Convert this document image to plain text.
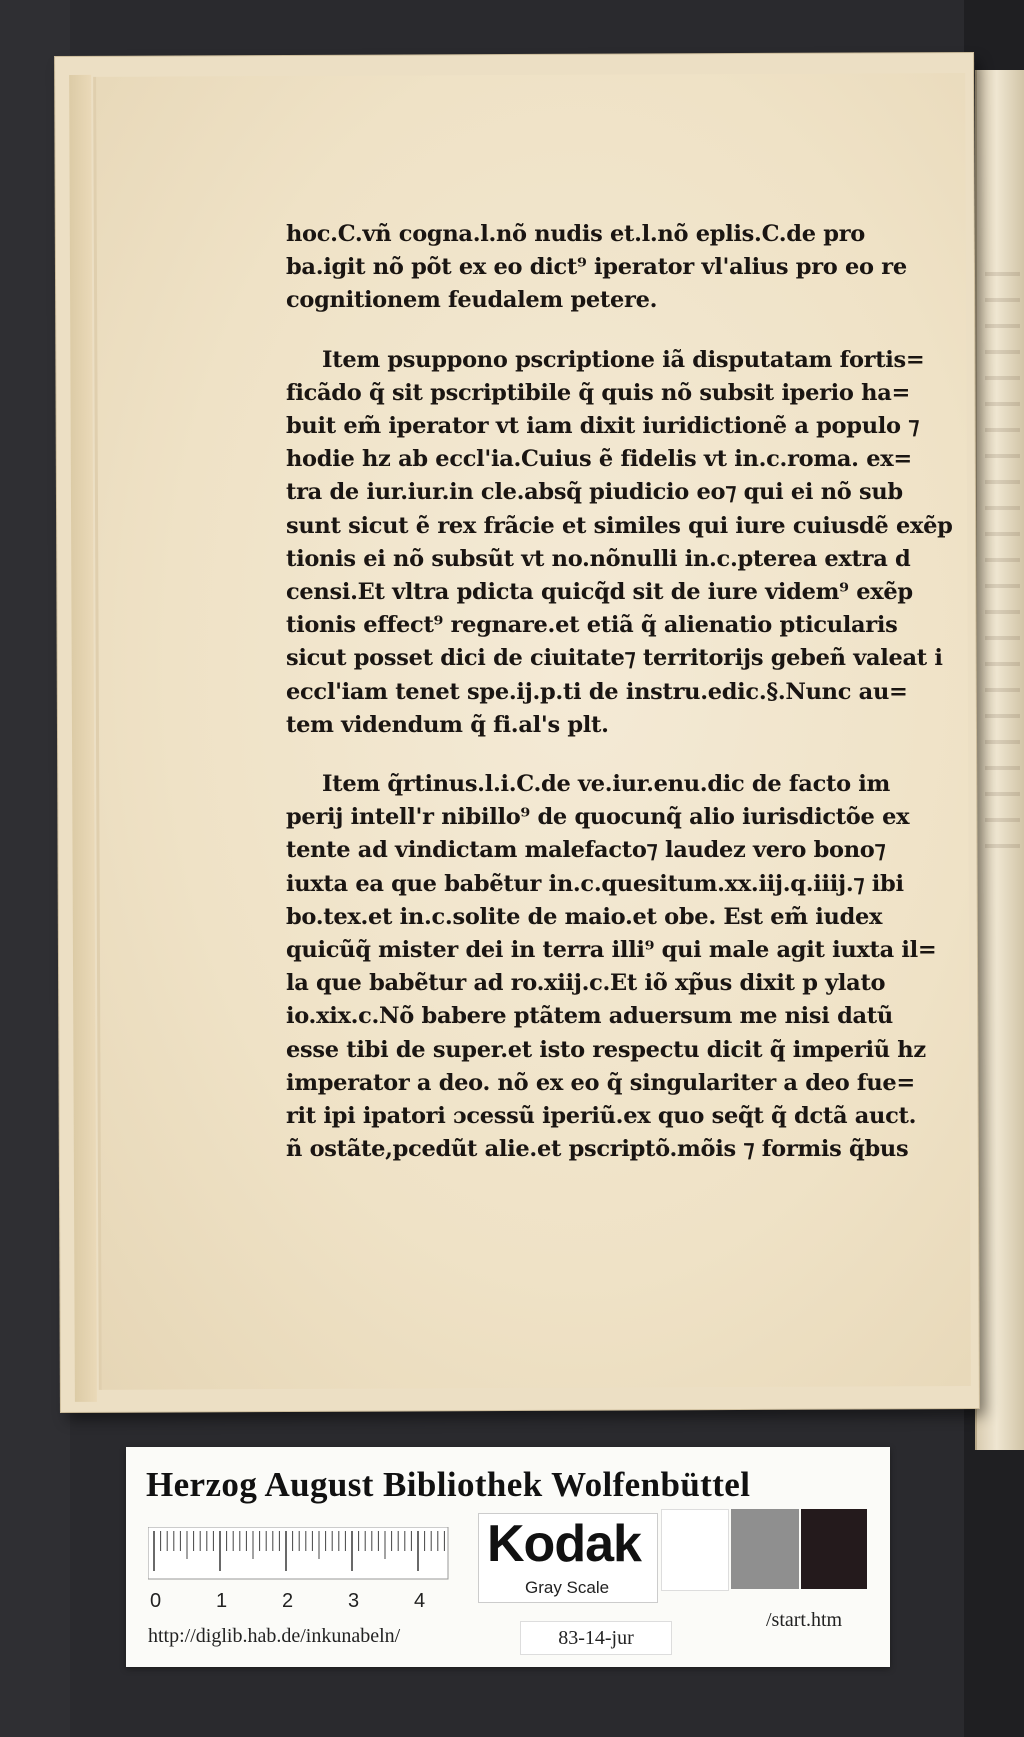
hoc.C.vñ cogna.l.nõ nudis et.l.nõ eplis.C.de pro
ba.igit nõ põt ex eo dict⁹ iperator vl'alius pro eo re
cognitionem feudalem petere.
Item psuppono pscriptione iã disputatam fortis=
ficãdo q̃ sit pscriptibile q̃ quis nõ subsit iperio ha=
buit em̃ iperator vt iam dixit iuridictionẽ a populo ⁊
hodie hz ab eccl'ia.Cuius ẽ fidelis vt in.c.roma. ex=
tra de iur.iur.in cle.absq̃ piudicio eo⁊ qui ei nõ sub
sunt sicut ẽ rex frãcie et similes qui iure cuiusdẽ exẽp
tionis ei nõ subsũt vt no.nõnulli in.c.pterea extra d
censi.Et vltra pdicta quicq̃d sit de iure videm⁹ exẽp
tionis effect⁹ regnare.et etiã q̃ alienatio pticularis
sicut posset dici de ciuitate⁊ territorijs gebeñ valeat i
eccl'iam tenet spe.ij.p.ti de instru.edic.§.Nunc au=
tem videndum q̃ fi.al's plt.
Item q̃rtinus.l.i.C.de ve.iur.enu.dic de facto im
perij intell'r nibillo⁹ de quocunq̃ alio iurisdictõe ex
tente ad vindictam malefacto⁊ laudez vero bono⁊
iuxta ea que babẽtur in.c.quesitum.xx.iij.q.iiij.⁊ ibi
bo.tex.et in.c.solite de maio.et obe. Est em̃ iudex
quicũq̃ mister dei in terra illi⁹ qui male agit iuxta il=
la que babẽtur ad ro.xiij.c.Et iõ xp̃us dixit p ylato
io.xix.c.Nõ babere ptãtem aduersum me nisi datũ
esse tibi de super.et isto respectu dicit q̃ imperiũ hz
imperator a deo. nõ ex eo q̃ singulariter a deo fue=
rit ipi ipatori ɔcessũ iperiũ.ex quo seq̃t q̃ dctã auct.
ñ ostãte,pcedũt alie.et pscriptõ.mõis ⁊ formis q̃bus
Herzog August Bibliothek Wolfenbüttel
0	1	2	3	4
Kodak
Gray Scale
http://diglib.hab.de/inkunabeln/	83-14-jur
/start.htm
